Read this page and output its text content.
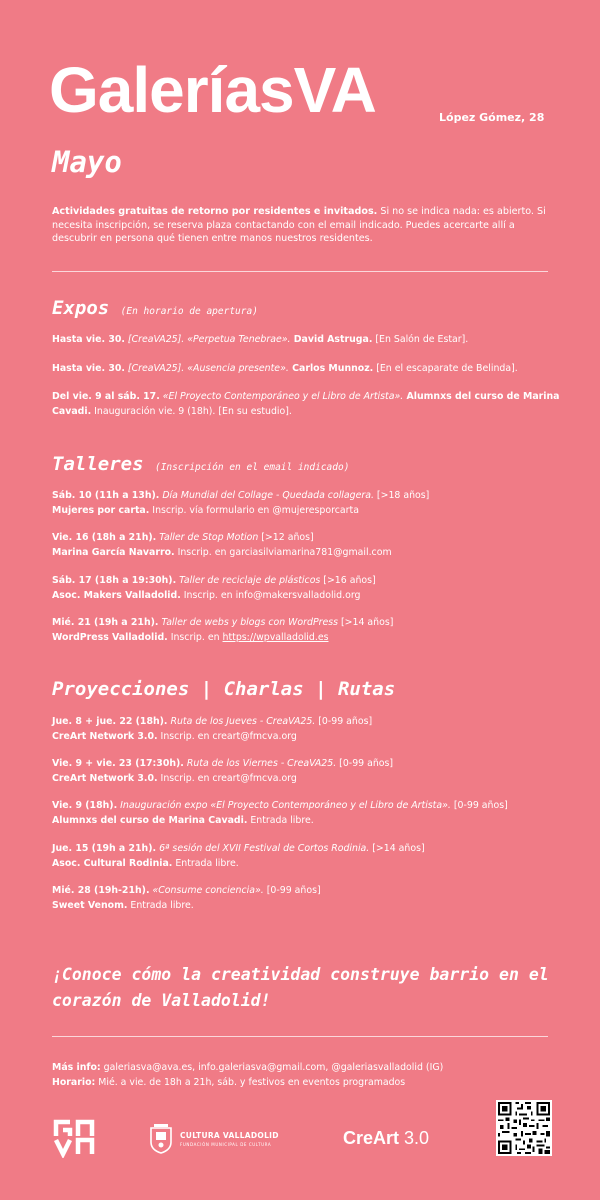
GaleríasVA	López Gómez, 28
Mayo
Actividades gratuitas de retorno por residentes e invitados. Si no se indica nada: es abierto. Si necesita inscripción, se reserva plaza contactando con el email indicado. Puedes acercarte allí a descubrir en persona qué tienen entre manos nuestros residentes.
Expos (En horario de apertura)
Hasta vie. 30. [CreaVA25]. «Perpetua Tenebrae». David Astruga. [En Salón de Estar].
Hasta vie. 30. [CreaVA25]. «Ausencia presente». Carlos Munnoz. [En el escaparate de Belinda].
Del vie. 9 al sáb. 17. «El Proyecto Contemporáneo y el Libro de Artista». Alumnxs del curso de Marina Cavadi. Inauguración vie. 9 (18h). [En su estudio].
Talleres (Inscripción en el email indicado)
Sáb. 10 (11h a 13h). Día Mundial del Collage - Quedada collagera. [>18 años]
Mujeres por carta. Inscrip. vía formulario en @mujeresporcarta
Vie. 16 (18h a 21h). Taller de Stop Motion [>12 años]
Marina García Navarro. Inscrip. en garciasilviamarina781@gmail.com
Sáb. 17 (18h a 19:30h). Taller de reciclaje de plásticos [>16 años]
Asoc. Makers Valladolid. Inscrip. en info@makersvalladolid.org
Mié. 21 (19h a 21h). Taller de webs y blogs con WordPress [>14 años]
WordPress Valladolid. Inscrip. en https://wpvalladolid.es
Proyecciones | Charlas | Rutas
Jue. 8 + jue. 22 (18h). Ruta de los Jueves - CreaVA25. [0-99 años]
CreArt Network 3.0. Inscrip. en creart@fmcva.org
Vie. 9 + vie. 23 (17:30h). Ruta de los Viernes - CreaVA25. [0-99 años]
CreArt Network 3.0. Inscrip. en creart@fmcva.org
Vie. 9 (18h). Inauguración expo «El Proyecto Contemporáneo y el Libro de Artista». [0-99 años]
Alumnxs del curso de Marina Cavadi. Entrada libre.
Jue. 15 (19h a 21h). 6ª sesión del XVII Festival de Cortos Rodinia. [>14 años]
Asoc. Cultural Rodinia. Entrada libre.
Mié. 28 (19h-21h). «Consume conciencia». [0-99 años]
Sweet Venom. Entrada libre.
¡Conoce cómo la creatividad construye barrio en el corazón de Valladolid!
Más info: galeriasva@ava.es, info.galeriasva@gmail.com, @galeriasvalladolid (IG)
Horario: Mié. a vie. de 18h a 21h, sáb. y festivos en eventos programados
CULTURA VALLADOLID
FUNDACIÓN MUNICIPAL DE CULTURA	CreArt 3.0
